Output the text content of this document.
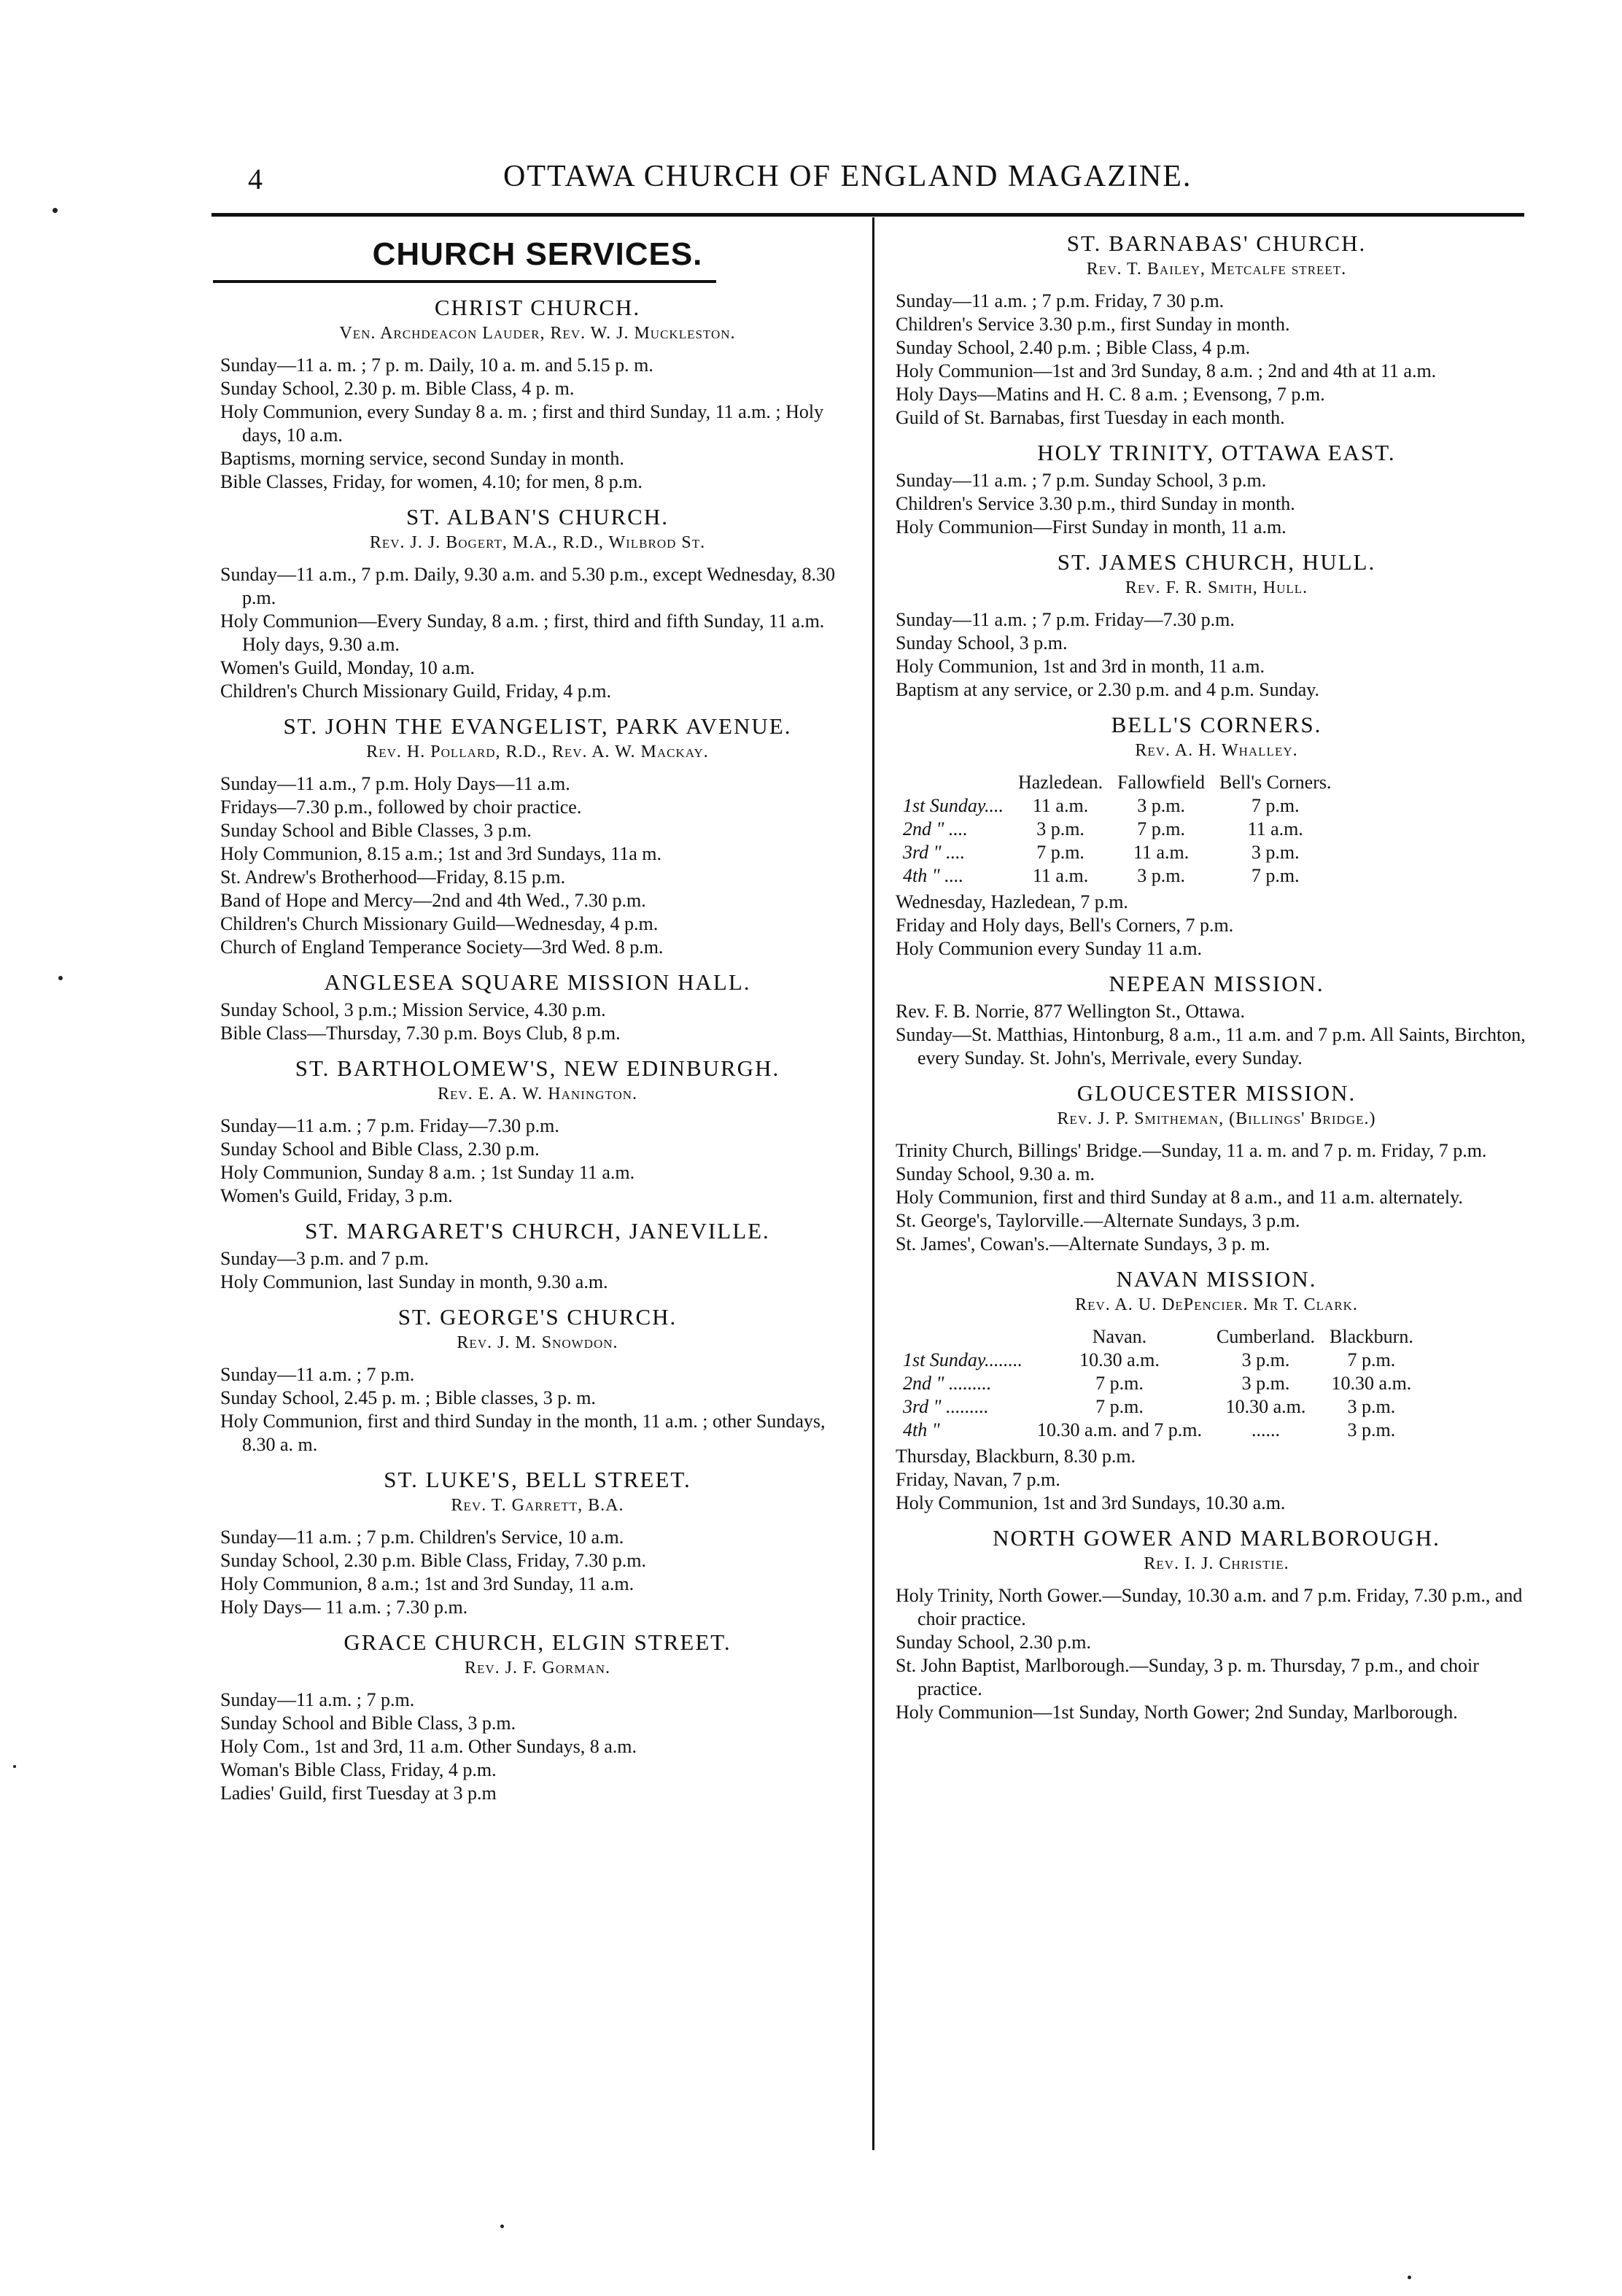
4	OTTAWA CHURCH OF ENGLAND MAGAZINE.
CHURCH SERVICES.
CHRIST CHURCH.
Ven. Archdeacon Lauder, Rev. W. J. Muckleston.
Sunday—11 a. m. ; 7 p. m. Daily, 10 a. m. and 5.15 p. m.
Sunday School, 2.30 p. m. Bible Class, 4 p. m.
Holy Communion, every Sunday 8 a. m. ; first and third Sunday, 11 a.m. ; Holy days, 10 a.m.
Baptisms, morning service, second Sunday in month.
Bible Classes, Friday, for women, 4.10; for men, 8 p.m.
ST. ALBAN'S CHURCH.
Rev. J. J. Bogert, M.A., R.D., Wilbrod St.
Sunday—11 a.m., 7 p.m. Daily, 9.30 a.m. and 5.30 p.m., except Wednesday, 8.30 p.m.
Holy Communion—Every Sunday, 8 a.m. ; first, third and fifth Sunday, 11 a.m. Holy days, 9.30 a.m.
Women's Guild, Monday, 10 a.m.
Children's Church Missionary Guild, Friday, 4 p.m.
ST. JOHN THE EVANGELIST, PARK AVENUE.
Rev. H. Pollard, R.D., Rev. A. W. Mackay.
Sunday—11 a.m., 7 p.m. Holy Days—11 a.m.
Fridays—7.30 p.m., followed by choir practice.
Sunday School and Bible Classes, 3 p.m.
Holy Communion, 8.15 a.m.; 1st and 3rd Sundays, 11a m.
St. Andrew's Brotherhood—Friday, 8.15 p.m.
Band of Hope and Mercy—2nd and 4th Wed., 7.30 p.m.
Children's Church Missionary Guild—Wednesday, 4 p.m.
Church of England Temperance Society—3rd Wed. 8 p.m.
ANGLESEA SQUARE MISSION HALL.
Sunday School, 3 p.m.; Mission Service, 4.30 p.m.
Bible Class—Thursday, 7.30 p.m. Boys Club, 8 p.m.
ST. BARTHOLOMEW'S, NEW EDINBURGH.
Rev. E. A. W. Hanington.
Sunday—11 a.m. ; 7 p.m. Friday—7.30 p.m.
Sunday School and Bible Class, 2.30 p.m.
Holy Communion, Sunday 8 a.m. ; 1st Sunday 11 a.m.
Women's Guild, Friday, 3 p.m.
ST. MARGARET'S CHURCH, JANEVILLE.
Sunday—3 p.m. and 7 p.m.
Holy Communion, last Sunday in month, 9.30 a.m.
ST. GEORGE'S CHURCH.
Rev. J. M. Snowdon.
Sunday—11 a.m. ; 7 p.m.
Sunday School, 2.45 p. m. ; Bible classes, 3 p. m.
Holy Communion, first and third Sunday in the month, 11 a.m. ; other Sundays, 8.30 a. m.
ST. LUKE'S, BELL STREET.
Rev. T. Garrett, B.A.
Sunday—11 a.m. ; 7 p.m. Children's Service, 10 a.m.
Sunday School, 2.30 p.m. Bible Class, Friday, 7.30 p.m.
Holy Communion, 8 a.m.; 1st and 3rd Sunday, 11 a.m.
Holy Days— 11 a.m. ; 7.30 p.m.
GRACE CHURCH, ELGIN STREET.
Rev. J. F. Gorman.
Sunday—11 a.m. ; 7 p.m.
Sunday School and Bible Class, 3 p.m.
Holy Com., 1st and 3rd, 11 a.m. Other Sundays, 8 a.m.
Woman's Bible Class, Friday, 4 p.m.
Ladies' Guild, first Tuesday at 3 p.m
ST. BARNABAS' CHURCH.
Rev. T. Bailey, Metcalfe street.
Sunday—11 a.m. ; 7 p.m. Friday, 7 30 p.m.
Children's Service 3.30 p.m., first Sunday in month.
Sunday School, 2.40 p.m. ; Bible Class, 4 p.m.
Holy Communion—1st and 3rd Sunday, 8 a.m. ; 2nd and 4th at 11 a.m.
Holy Days—Matins and H. C. 8 a.m. ; Evensong, 7 p.m.
Guild of St. Barnabas, first Tuesday in each month.
HOLY TRINITY, OTTAWA EAST.
Sunday—11 a.m. ; 7 p.m. Sunday School, 3 p.m.
Children's Service 3.30 p.m., third Sunday in month.
Holy Communion—First Sunday in month, 11 a.m.
ST. JAMES CHURCH, HULL.
Rev. F. R. Smith, Hull.
Sunday—11 a.m. ; 7 p.m. Friday—7.30 p.m.
Sunday School, 3 p.m.
Holy Communion, 1st and 3rd in month, 11 a.m.
Baptism at any service, or 2.30 p.m. and 4 p.m. Sunday.
BELL'S CORNERS.
Rev. A. H. Whalley.
	Hazledean.	Fallowfield	Bell's Corners.
1st Sunday....	11 a.m.	3 p.m.	7 p.m.
2nd " ....	3 p.m.	7 p.m.	11 a.m.
3rd " ....	7 p.m.	11 a.m.	3 p.m.
4th " ....	11 a.m.	3 p.m.	7 p.m.
Wednesday, Hazledean, 7 p.m.
Friday and Holy days, Bell's Corners, 7 p.m.
Holy Communion every Sunday 11 a.m.
NEPEAN MISSION.
Rev. F. B. Norrie, 877 Wellington St., Ottawa.
Sunday—St. Matthias, Hintonburg, 8 a.m., 11 a.m. and 7 p.m. All Saints, Birchton, every Sunday. St. John's, Merrivale, every Sunday.
GLOUCESTER MISSION.
Rev. J. P. Smitheman, (Billings' Bridge.)
Trinity Church, Billings' Bridge.—Sunday, 11 a. m. and 7 p. m. Friday, 7 p.m.
Sunday School, 9.30 a. m.
Holy Communion, first and third Sunday at 8 a.m., and 11 a.m. alternately.
St. George's, Taylorville.—Alternate Sundays, 3 p.m.
St. James', Cowan's.—Alternate Sundays, 3 p. m.
NAVAN MISSION.
Rev. A. U. DePencier. Mr T. Clark.
	Navan.	Cumberland.	Blackburn.
1st Sunday........	10.30 a.m.	3 p.m.	7 p.m.
2nd " .........	7 p.m.	3 p.m.	10.30 a.m.
3rd " .........	7 p.m.	10.30 a.m.	3 p.m.
4th "	10.30 a.m. and 7 p.m.	......	3 p.m.
Thursday, Blackburn, 8.30 p.m.
Friday, Navan, 7 p.m.
Holy Communion, 1st and 3rd Sundays, 10.30 a.m.
NORTH GOWER AND MARLBOROUGH.
Rev. I. J. Christie.
Holy Trinity, North Gower.—Sunday, 10.30 a.m. and 7 p.m. Friday, 7.30 p.m., and choir practice.
Sunday School, 2.30 p.m.
St. John Baptist, Marlborough.—Sunday, 3 p. m. Thursday, 7 p.m., and choir practice.
Holy Communion—1st Sunday, North Gower; 2nd Sunday, Marlborough.
